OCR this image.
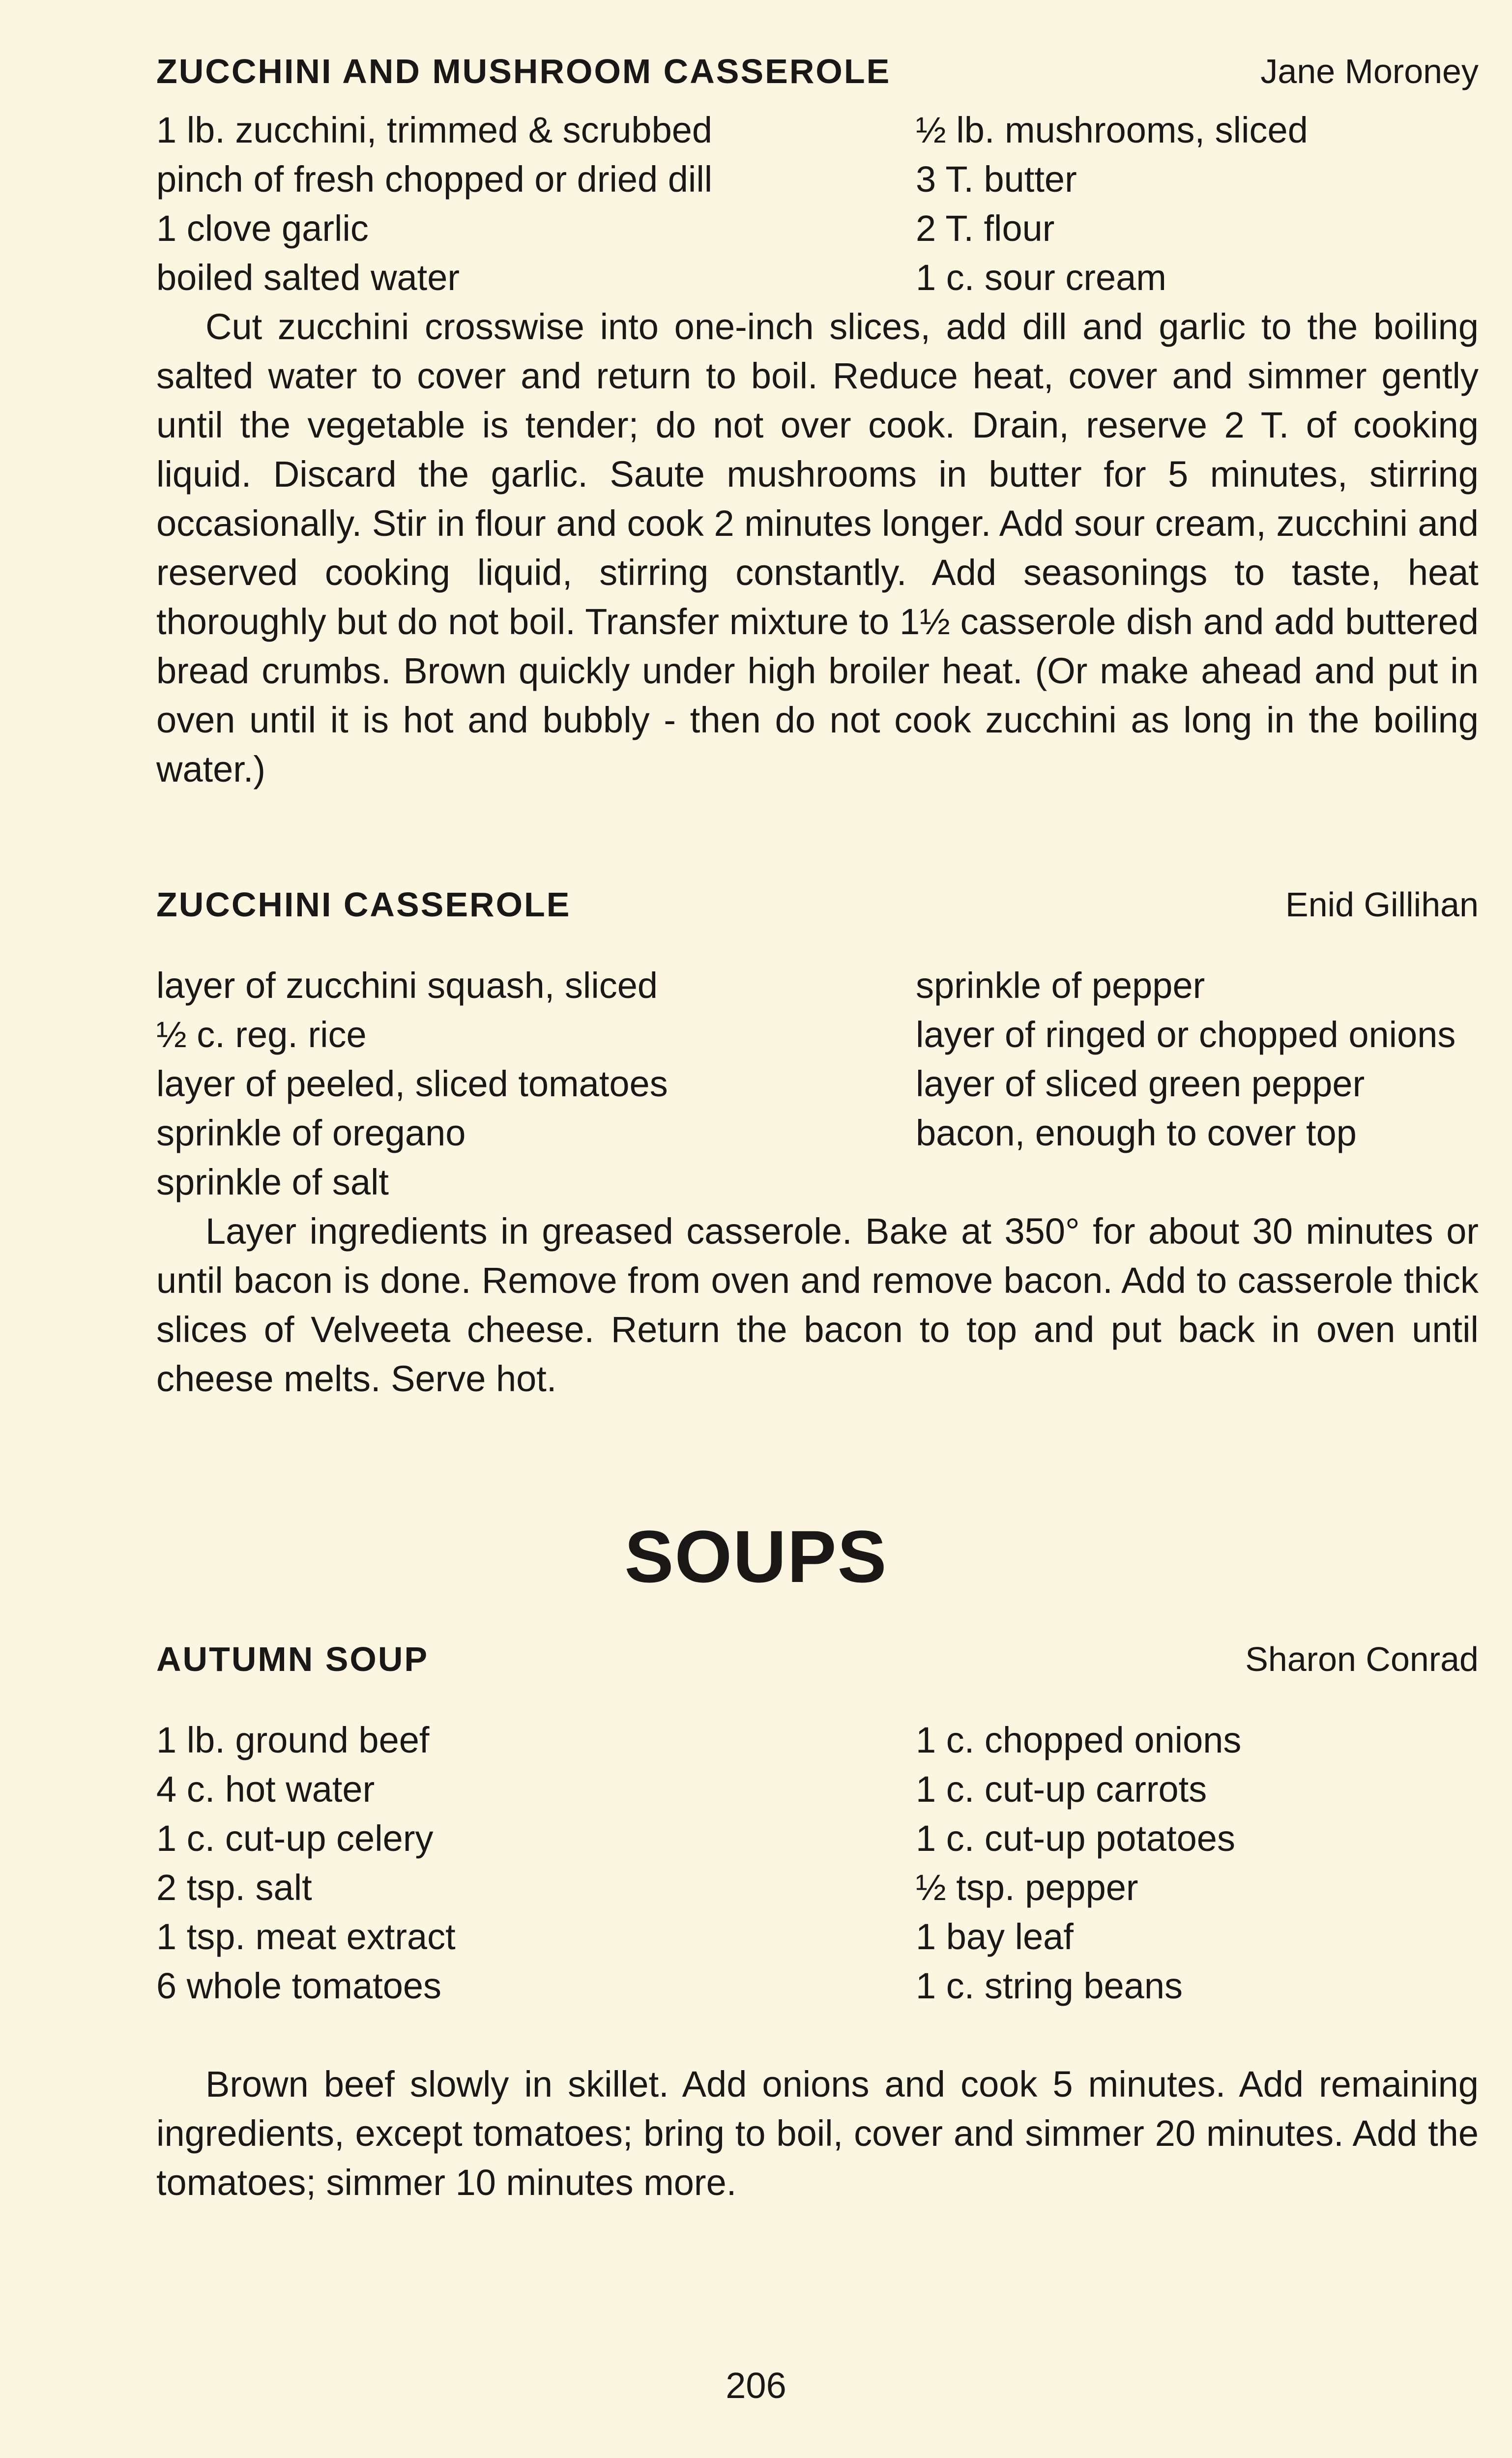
ZUCCHINI AND MUSHROOM CASSEROLE	Jane Moroney
1 lb. zucchini, trimmed & scrubbed
pinch of fresh chopped or dried dill
1 clove garlic
boiled salted water
½ lb. mushrooms, sliced
3 T. butter
2 T. flour
1 c. sour cream
Cut zucchini crosswise into one-inch slices, add dill and garlic to the boiling salted water to cover and return to boil. Reduce heat, cover and simmer gently until the vegetable is tender; do not over cook. Drain, reserve 2 T. of cooking liquid. Discard the garlic. Saute mushrooms in butter for 5 minutes, stirring occasionally. Stir in flour and cook 2 minutes longer. Add sour cream, zucchini and reserved cooking liquid, stirring constantly. Add seasonings to taste, heat thoroughly but do not boil. Transfer mixture to 1½ casserole dish and add buttered bread crumbs. Brown quickly under high broiler heat. (Or make ahead and put in oven until it is hot and bubbly - then do not cook zucchini as long in the boiling water.)
ZUCCHINI CASSEROLE	Enid Gillihan
layer of zucchini squash, sliced
½ c. reg. rice
layer of peeled, sliced tomatoes
sprinkle of oregano
sprinkle of salt
sprinkle of pepper
layer of ringed or chopped onions
layer of sliced green pepper
bacon, enough to cover top
Layer ingredients in greased casserole. Bake at 350° for about 30 minutes or until bacon is done. Remove from oven and remove bacon. Add to casserole thick slices of Velveeta cheese. Return the bacon to top and put back in oven until cheese melts. Serve hot.
SOUPS
AUTUMN SOUP	Sharon Conrad
1 lb. ground beef
4 c. hot water
1 c. cut-up celery
2 tsp. salt
1 tsp. meat extract
6 whole tomatoes
1 c. chopped onions
1 c. cut-up carrots
1 c. cut-up potatoes
½ tsp. pepper
1 bay leaf
1 c. string beans
Brown beef slowly in skillet. Add onions and cook 5 minutes. Add remaining ingredients, except tomatoes; bring to boil, cover and simmer 20 minutes. Add the tomatoes; simmer 10 minutes more.
206
